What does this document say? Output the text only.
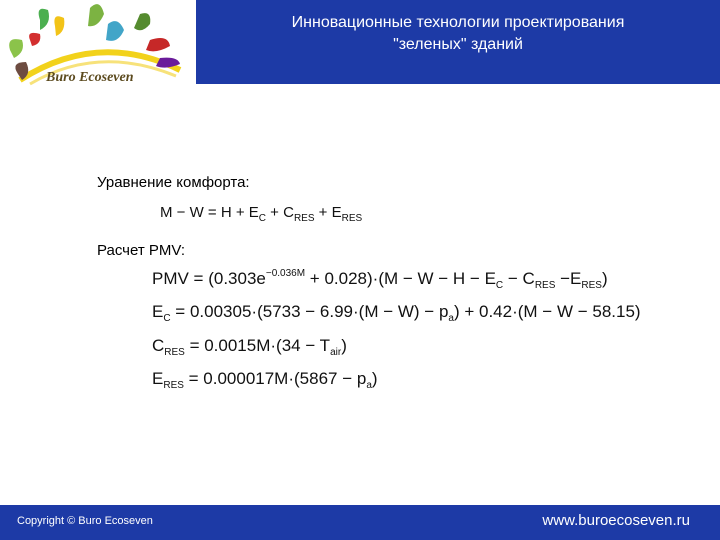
Инновационные технологии проектирования
"зеленых" зданий
Buro Ecoseven
Уравнение комфорта:
$M - W = H + E_C + C_{RES} + E_{RES}$
Расчет PMV:
PMV = $(0.303e^{-0.036M} + 0.028)\cdot(M - W - H - E_C - C_{RES} -E_{RES})$
$E_C = 0.00305\cdot(5733 - 6.99\cdot(M - W) - p_a) + 0.42\cdot(M - W - 58.15)$
$C_{RES} = 0.0015M\cdot(34 - T_{air})$
$E_{RES} = 0.000017M\cdot(5867 - p_a)$
Copyright © Buro Ecoseven	www.buroecoseven.ru
